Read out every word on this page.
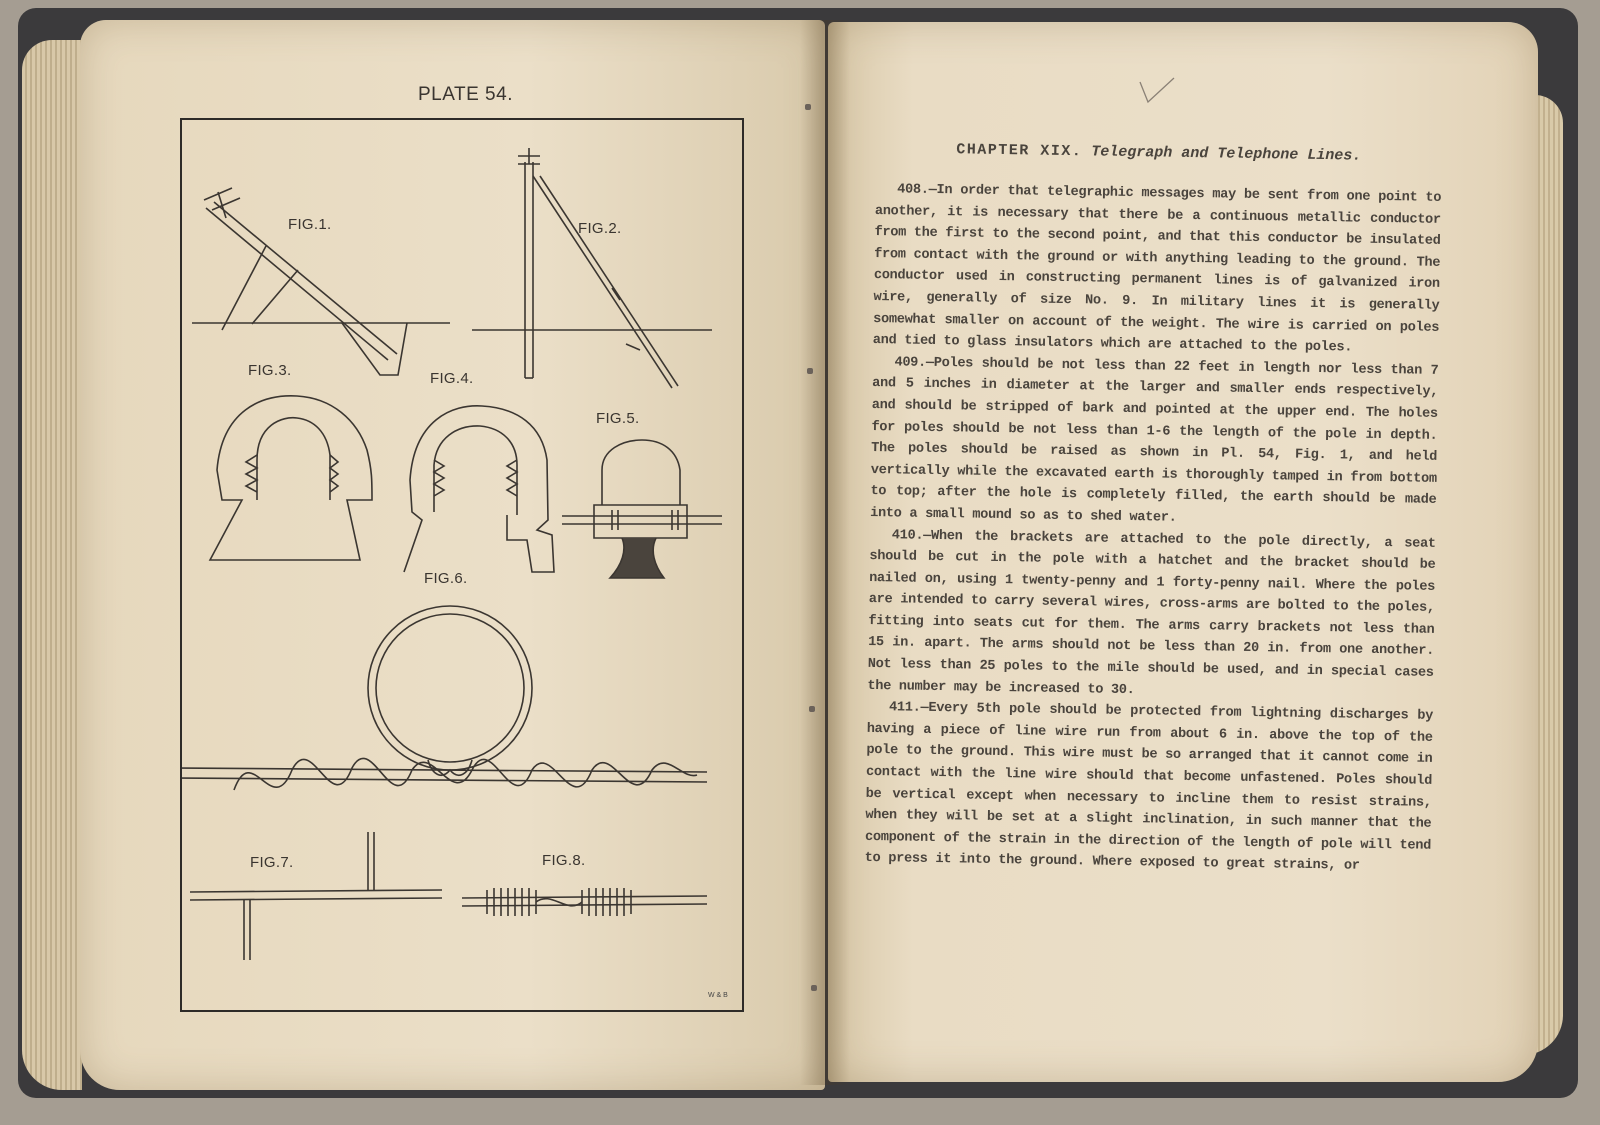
PLATE 54.
FIG.1.	FIG.2.
FIG.3.	FIG.4.
FIG.5.
FIG.6.
FIG.7.	FIG.8.
W & B
CHAPTER XIX. Telegraph and Telephone Lines.

408.—In order that telegraphic messages may be sent from one point to another, it is necessary that there be a continuous metallic conductor from the first to the second point, and that this conductor be insulated from contact with the ground or with anything leading to the ground. The conductor used in constructing permanent lines is of galvanized iron wire, generally of size No. 9. In military lines it is generally somewhat smaller on account of the weight. The wire is carried on poles and tied to glass insulators which are attached to the poles.

409.—Poles should be not less than 22 feet in length nor less than 7 and 5 inches in diameter at the larger and smaller ends respectively, and should be stripped of bark and pointed at the upper end. The holes for poles should be not less than 1-6 the length of the pole in depth. The poles should be raised as shown in Pl. 54, Fig. 1, and held vertically while the excavated earth is thoroughly tamped in from bottom to top; after the hole is completely filled, the earth should be made into a small mound so as to shed water.

410.—When the brackets are attached to the pole directly, a seat should be cut in the pole with a hatchet and the bracket should be nailed on, using 1 twenty-penny and 1 forty-penny nail. Where the poles are intended to carry several wires, cross-arms are bolted to the poles, fitting into seats cut for them. The arms carry brackets not less than 15 in. apart. The arms should not be less than 20 in. from one another. Not less than 25 poles to the mile should be used, and in special cases the number may be increased to 30.

411.—Every 5th pole should be protected from lightning discharges by having a piece of line wire run from about 6 in. above the top of the pole to the ground. This wire must be so arranged that it cannot come in contact with the line wire should that become unfastened. Poles should be vertical except when necessary to incline them to resist strains, when they will be set at a slight inclination, in such manner that the component of the strain in the direction of the length of pole will tend to press it into the ground. Where exposed to great strains, or
